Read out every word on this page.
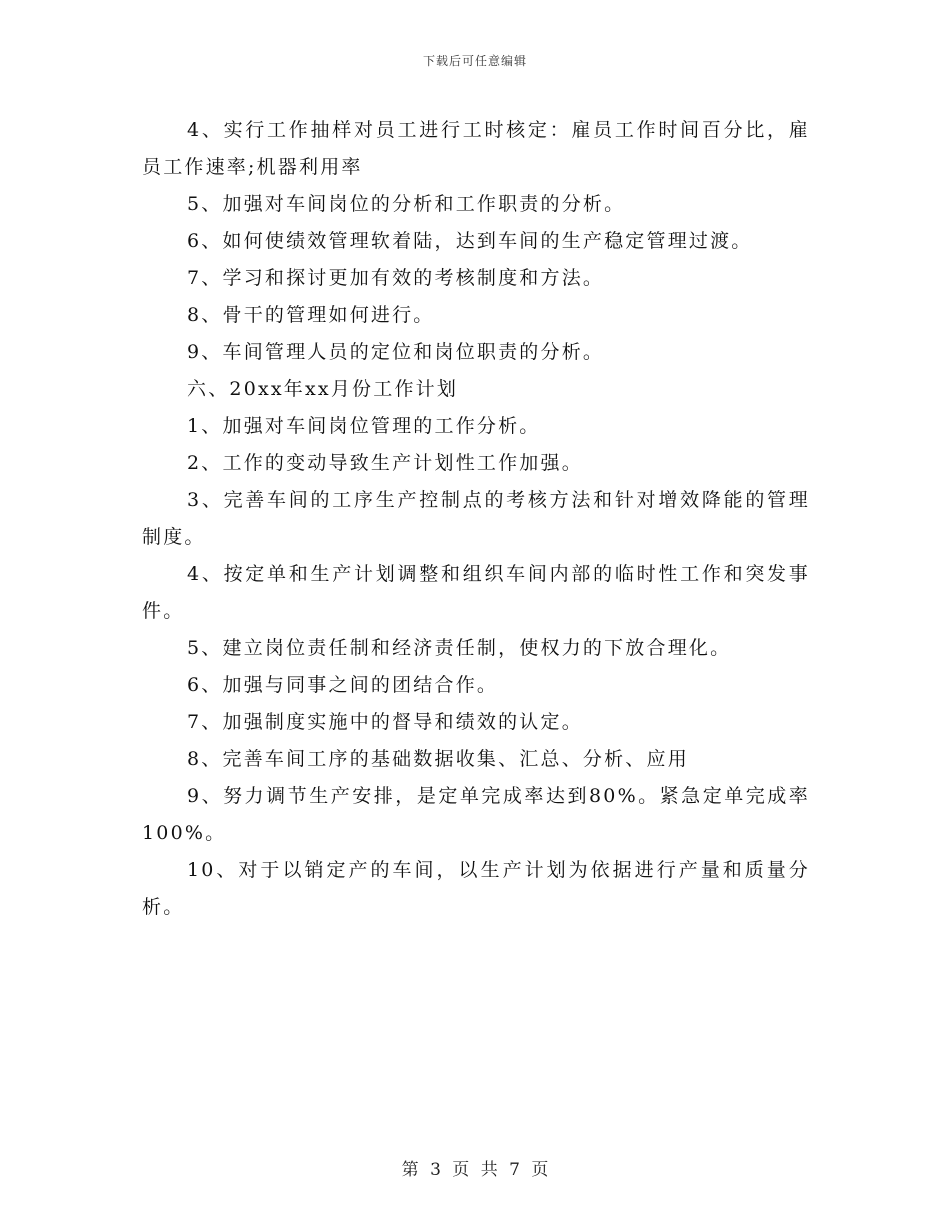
下载后可任意编辑

4、实行工作抽样对员工进行工时核定：雇员工作时间百分比，雇员工作速率;机器利用率

5、加强对车间岗位的分析和工作职责的分析。

6、如何使绩效管理软着陆，达到车间的生产稳定管理过渡。

7、学习和探讨更加有效的考核制度和方法。

8、骨干的管理如何进行。

9、车间管理人员的定位和岗位职责的分析。

六、20xx年xx月份工作计划

1、加强对车间岗位管理的工作分析。

2、工作的变动导致生产计划性工作加强。

3、完善车间的工序生产控制点的考核方法和针对增效降能的管理制度。

4、按定单和生产计划调整和组织车间内部的临时性工作和突发事件。

5、建立岗位责任制和经济责任制，使权力的下放合理化。

6、加强与同事之间的团结合作。

7、加强制度实施中的督导和绩效的认定。

8、完善车间工序的基础数据收集、汇总、分析、应用

9、努力调节生产安排，是定单完成率达到80%。紧急定单完成率100%。

10、对于以销定产的车间，以生产计划为依据进行产量和质量分析。

第 3 页 共 7 页
